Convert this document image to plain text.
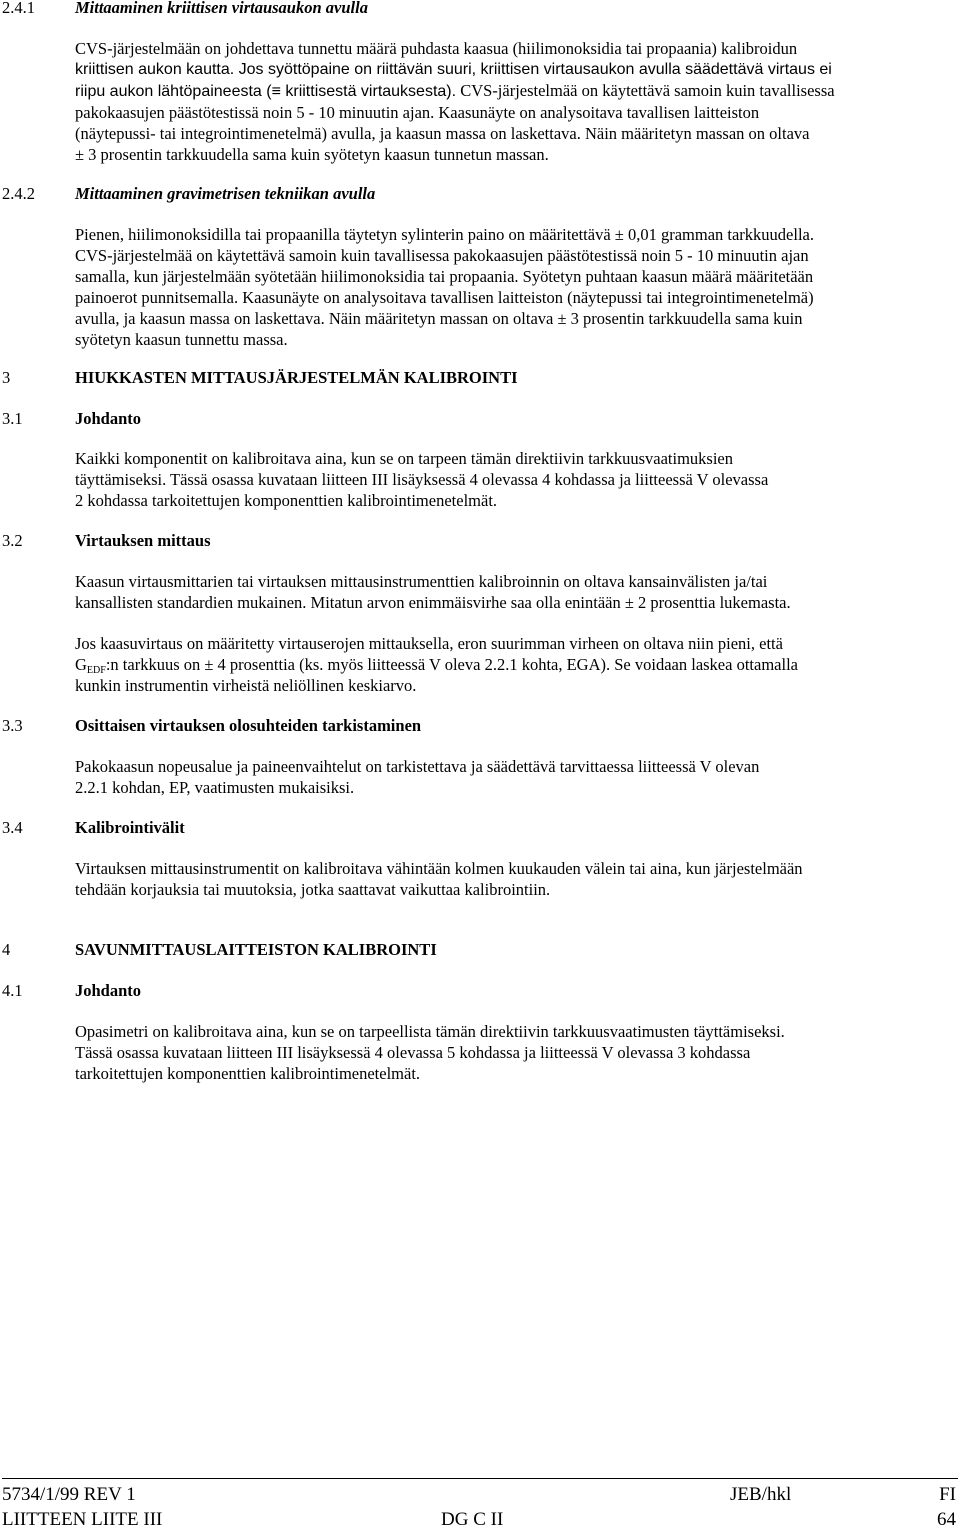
2.4.1	Mittaaminen kriittisen virtausaukon avulla
CVS-järjestelmään on johdettava tunnettu määrä puhdasta kaasua (hiilimonoksidia tai propaania) kalibroidun
kriittisen aukon kautta. Jos syöttöpaine on riittävän suuri, kriittisen virtausaukon avulla säädettävä virtaus ei
riipu aukon lähtöpaineesta (≡ kriittisestä virtauksesta). CVS-järjestelmää on käytettävä samoin kuin tavallisessa
pakokaasujen päästötestissä noin 5 - 10 minuutin ajan. Kaasunäyte on analysoitava tavallisen laitteiston
(näytepussi- tai integrointimenetelmä) avulla, ja kaasun massa on laskettava. Näin määritetyn massan on oltava
± 3 prosentin tarkkuudella sama kuin syötetyn kaasun tunnetun massan.
2.4.2	Mittaaminen gravimetrisen tekniikan avulla
Pienen, hiilimonoksidilla tai propaanilla täytetyn sylinterin paino on määritettävä ± 0,01 gramman tarkkuudella.
CVS-järjestelmää on käytettävä samoin kuin tavallisessa pakokaasujen päästötestissä noin 5 - 10 minuutin ajan
samalla, kun järjestelmään syötetään hiilimonoksidia tai propaania. Syötetyn puhtaan kaasun määrä määritetään
painoerot punnitsemalla. Kaasunäyte on analysoitava tavallisen laitteiston (näytepussi tai integrointimenetelmä)
avulla, ja kaasun massa on laskettava. Näin määritetyn massan on oltava ± 3 prosentin tarkkuudella sama kuin
syötetyn kaasun tunnettu massa.
3	HIUKKASTEN MITTAUSJÄRJESTELMÄN KALIBROINTI
3.1	Johdanto
Kaikki komponentit on kalibroitava aina, kun se on tarpeen tämän direktiivin tarkkuusvaatimuksien
täyttämiseksi. Tässä osassa kuvataan liitteen III lisäyksessä 4 olevassa 4 kohdassa ja liitteessä V olevassa
2 kohdassa tarkoitettujen komponenttien kalibrointimenetelmät.
3.2	Virtauksen mittaus
Kaasun virtausmittarien tai virtauksen mittausinstrumenttien kalibroinnin on oltava kansainvälisten ja/tai
kansallisten standardien mukainen. Mitatun arvon enimmäisvirhe saa olla enintään ± 2 prosenttia lukemasta.
Jos kaasuvirtaus on määritetty virtauserojen mittauksella, eron suurimman virheen on oltava niin pieni, että
$G_{EDF}:n$ tarkkuus on ± 4 prosenttia (ks. myös liitteessä V oleva 2.2.1 kohta, EGA). Se voidaan laskea ottamalla
kunkin instrumentin virheistä neliöllinen keskiarvo.
3.3	Osittaisen virtauksen olosuhteiden tarkistaminen
Pakokaasun nopeusalue ja paineenvaihtelut on tarkistettava ja säädettävä tarvittaessa liitteessä V olevan
2.2.1 kohdan, EP, vaatimusten mukaisiksi.
3.4	Kalibrointivälit
Virtauksen mittausinstrumentit on kalibroitava vähintään kolmen kuukauden välein tai aina, kun järjestelmään
tehdään korjauksia tai muutoksia, jotka saattavat vaikuttaa kalibrointiin.
4	SAVUNMITTAUSLAITTEISTON KALIBROINTI
4.1	Johdanto
Opasimetri on kalibroitava aina, kun se on tarpeellista tämän direktiivin tarkkuusvaatimusten täyttämiseksi.
Tässä osassa kuvataan liitteen III lisäyksessä 4 olevassa 5 kohdassa ja liitteessä V olevassa 3 kohdassa
tarkoitettujen komponenttien kalibrointimenetelmät.
5734/1/99 REV 1	JEB/hkl	FI
LIITTEEN LIITE III	DG C II	64
